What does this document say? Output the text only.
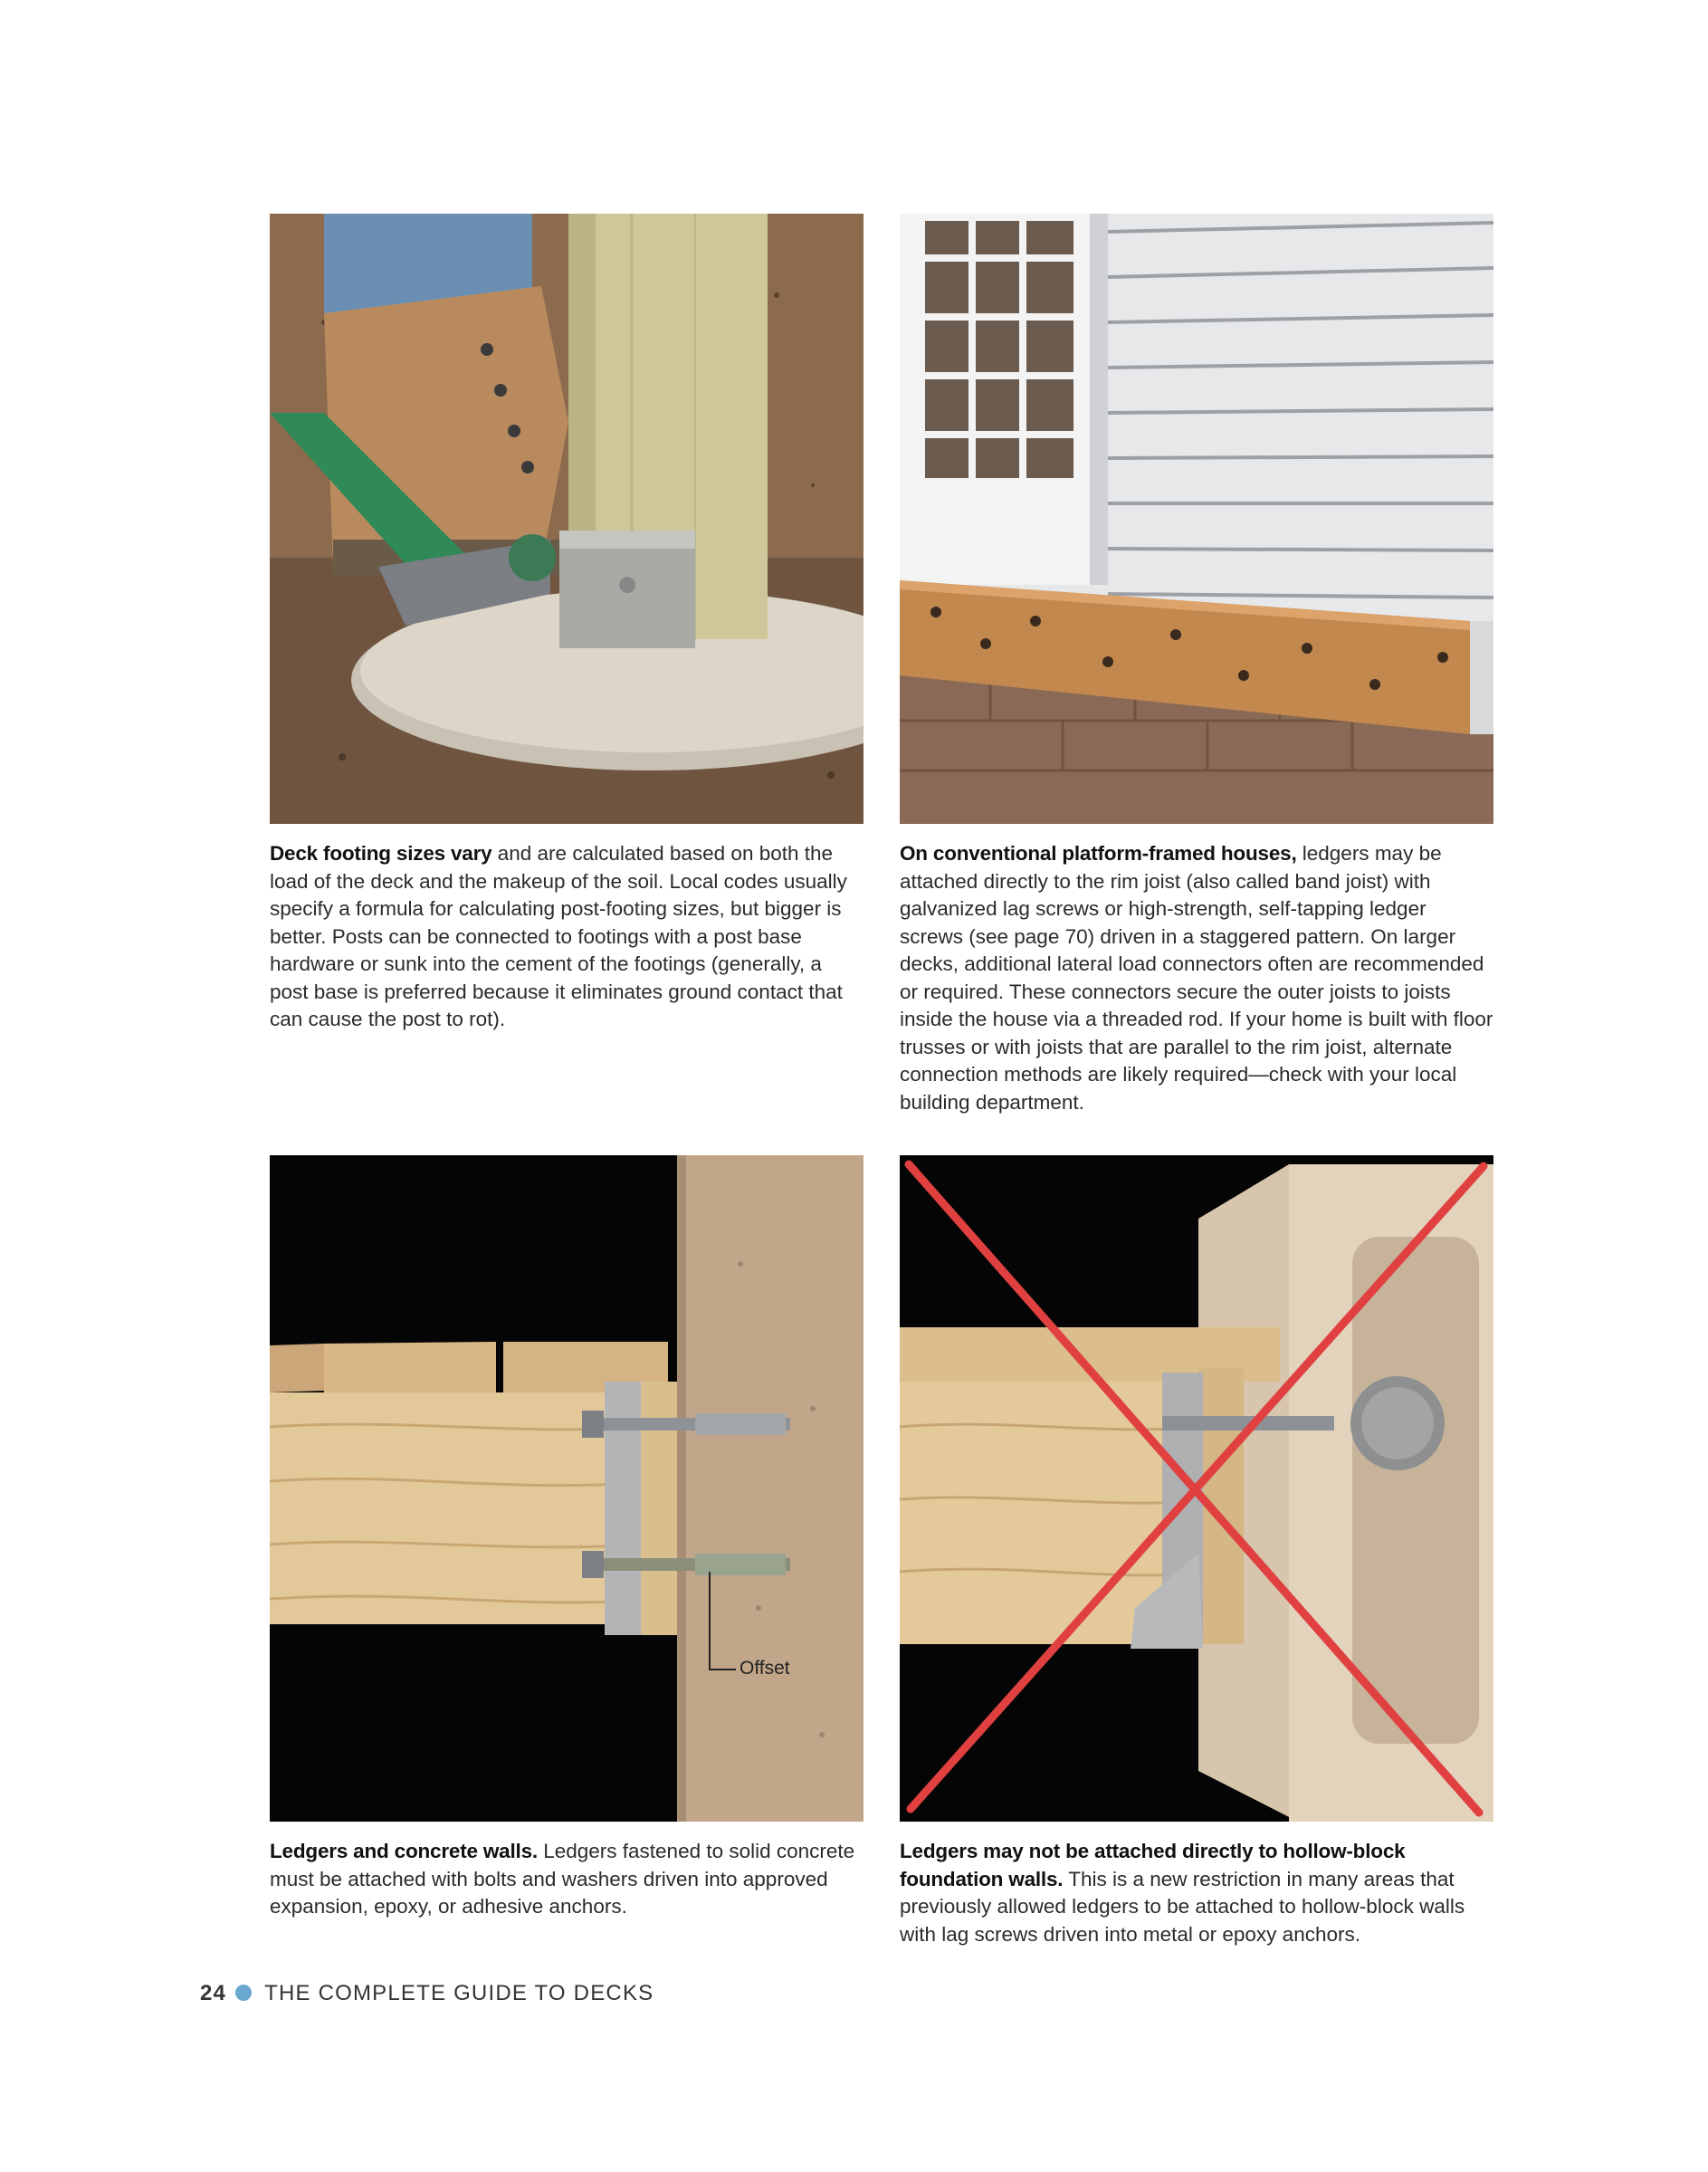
Deck footing sizes vary and are calculated based on both the load of the deck and the makeup of the soil. Local codes usually specify a formula for calculating post-footing sizes, but bigger is better. Posts can be connected to footings with a post base hardware or sunk into the cement of the footings (generally, a post base is preferred because it eliminates ground contact that can cause the post to rot).
On conventional platform-framed houses, ledgers may be attached directly to the rim joist (also called band joist) with galvanized lag screws or high-strength, self-tapping ledger screws (see page 70) driven in a staggered pattern. On larger decks, additional lateral load connectors often are recommended or required. These connectors secure the outer joists to joists inside the house via a threaded rod. If your home is built with floor trusses or with joists that are parallel to the rim joist, alternate connection methods are likely required—check with your local building department.
Offset
Ledgers and concrete walls. Ledgers fastened to solid concrete must be attached with bolts and washers driven into approved expansion, epoxy, or adhesive anchors.
Ledgers may not be attached directly to hollow-block foundation walls. This is a new restriction in many areas that previously allowed ledgers to be attached to hollow-block walls with lag screws driven into metal or epoxy anchors.
24 THE COMPLETE GUIDE TO DECKS
